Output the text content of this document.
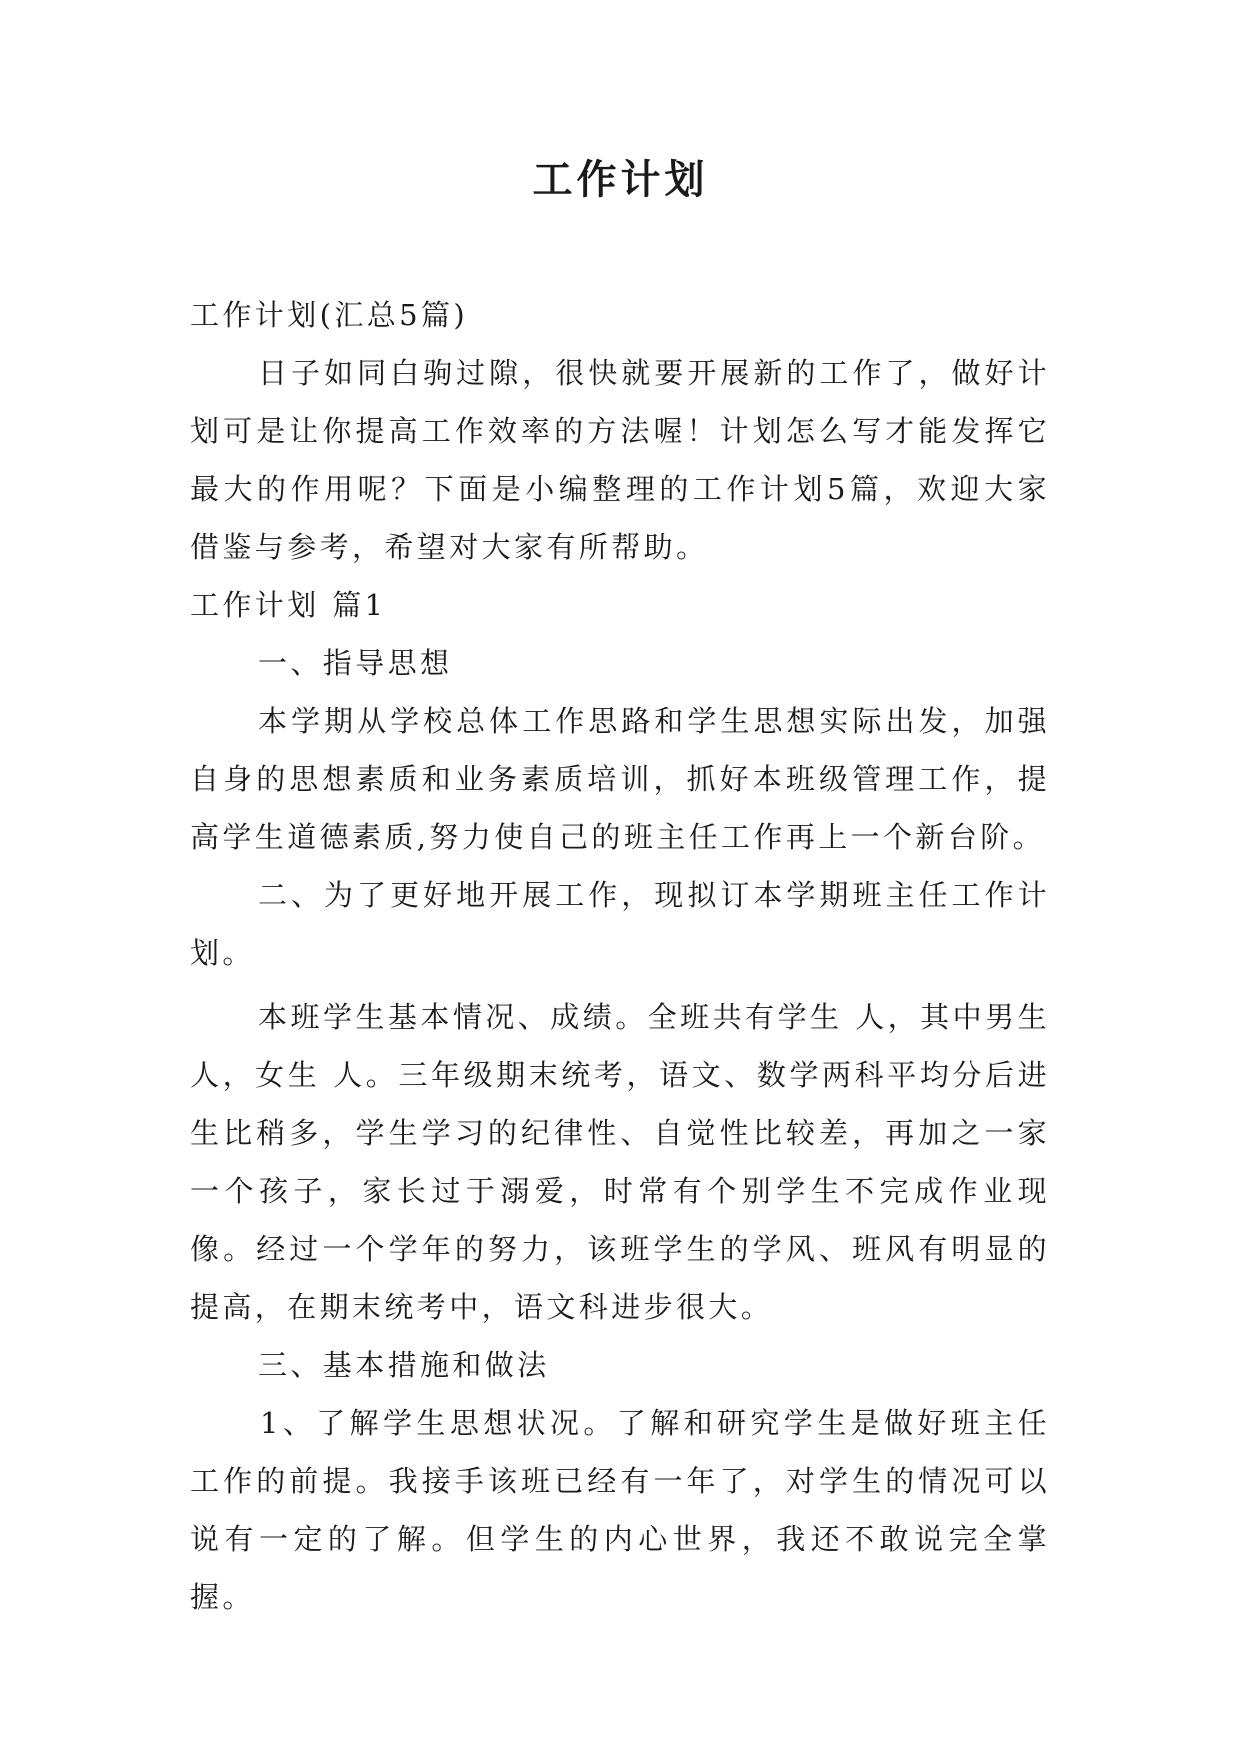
工作计划

工作计划(汇总5篇)

日子如同白驹过隙，很快就要开展新的工作了，做好计划可是让你提高工作效率的方法喔！计划怎么写才能发挥它最大的作用呢？下面是小编整理的工作计划5篇，欢迎大家借鉴与参考，希望对大家有所帮助。

工作计划 篇1

一、指导思想

本学期从学校总体工作思路和学生思想实际出发，加强自身的思想素质和业务素质培训，抓好本班级管理工作，提高学生道德素质,努力使自己的班主任工作再上一个新台阶。

二、为了更好地开展工作，现拟订本学期班主任工作计划。

本班学生基本情况、成绩。全班共有学生 人，其中男生 人，女生 人。三年级期末统考，语文、数学两科平均分后进生比稍多，学生学习的纪律性、自觉性比较差，再加之一家一个孩子，家长过于溺爱，时常有个别学生不完成作业现像。经过一个学年的努力，该班学生的学风、班风有明显的提高，在期末统考中，语文科进步很大。

三、基本措施和做法

1、了解学生思想状况。了解和研究学生是做好班主任工作的前提。我接手该班已经有一年了，对学生的情况可以说有一定的了解。但学生的内心世界，我还不敢说完全掌握。
